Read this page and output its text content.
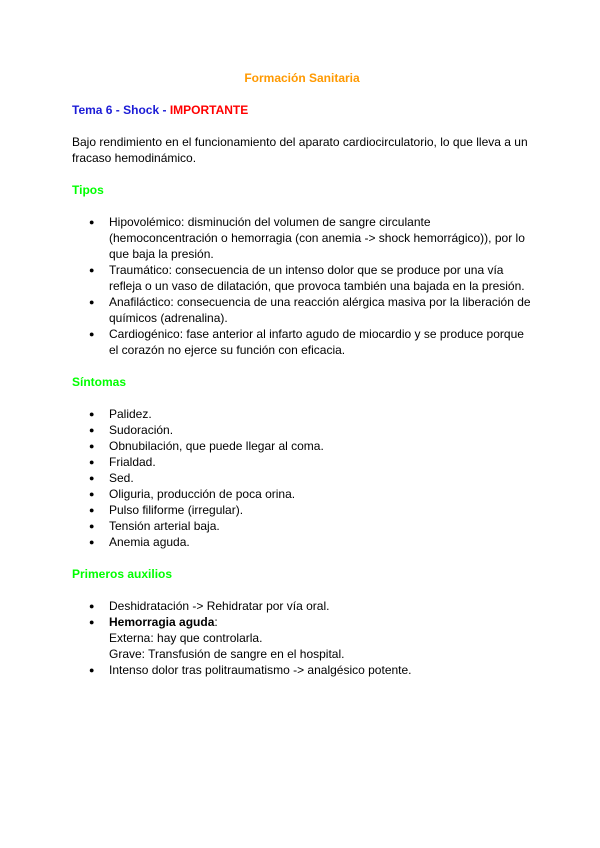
Formación Sanitaria

Tema 6 - Shock - IMPORTANTE

Bajo rendimiento en el funcionamiento del aparato cardiocirculatorio, lo que lleva a un fracaso hemodinámico.

Tipos

● Hipovolémico: disminución del volumen de sangre circulante (hemoconcentración o hemorragia (con anemia -> shock hemorrágico)), por lo que baja la presión.
● Traumático: consecuencia de un intenso dolor que se produce por una vía refleja o un vaso de dilatación, que provoca también una bajada en la presión.
● Anafiláctico: consecuencia de una reacción alérgica masiva por la liberación de químicos (adrenalina).
● Cardiogénico: fase anterior al infarto agudo de miocardio y se produce porque el corazón no ejerce su función con eficacia.

Síntomas

● Palidez.
● Sudoración.
● Obnubilación, que puede llegar al coma.
● Frialdad.
● Sed.
● Oliguria, producción de poca orina.
● Pulso filiforme (irregular).
● Tensión arterial baja.
● Anemia aguda.

Primeros auxilios

● Deshidratación -> Rehidratar por vía oral.
● Hemorragia aguda:
Externa: hay que controlarla.
Grave: Transfusión de sangre en el hospital.
● Intenso dolor tras politraumatismo -> analgésico potente.
